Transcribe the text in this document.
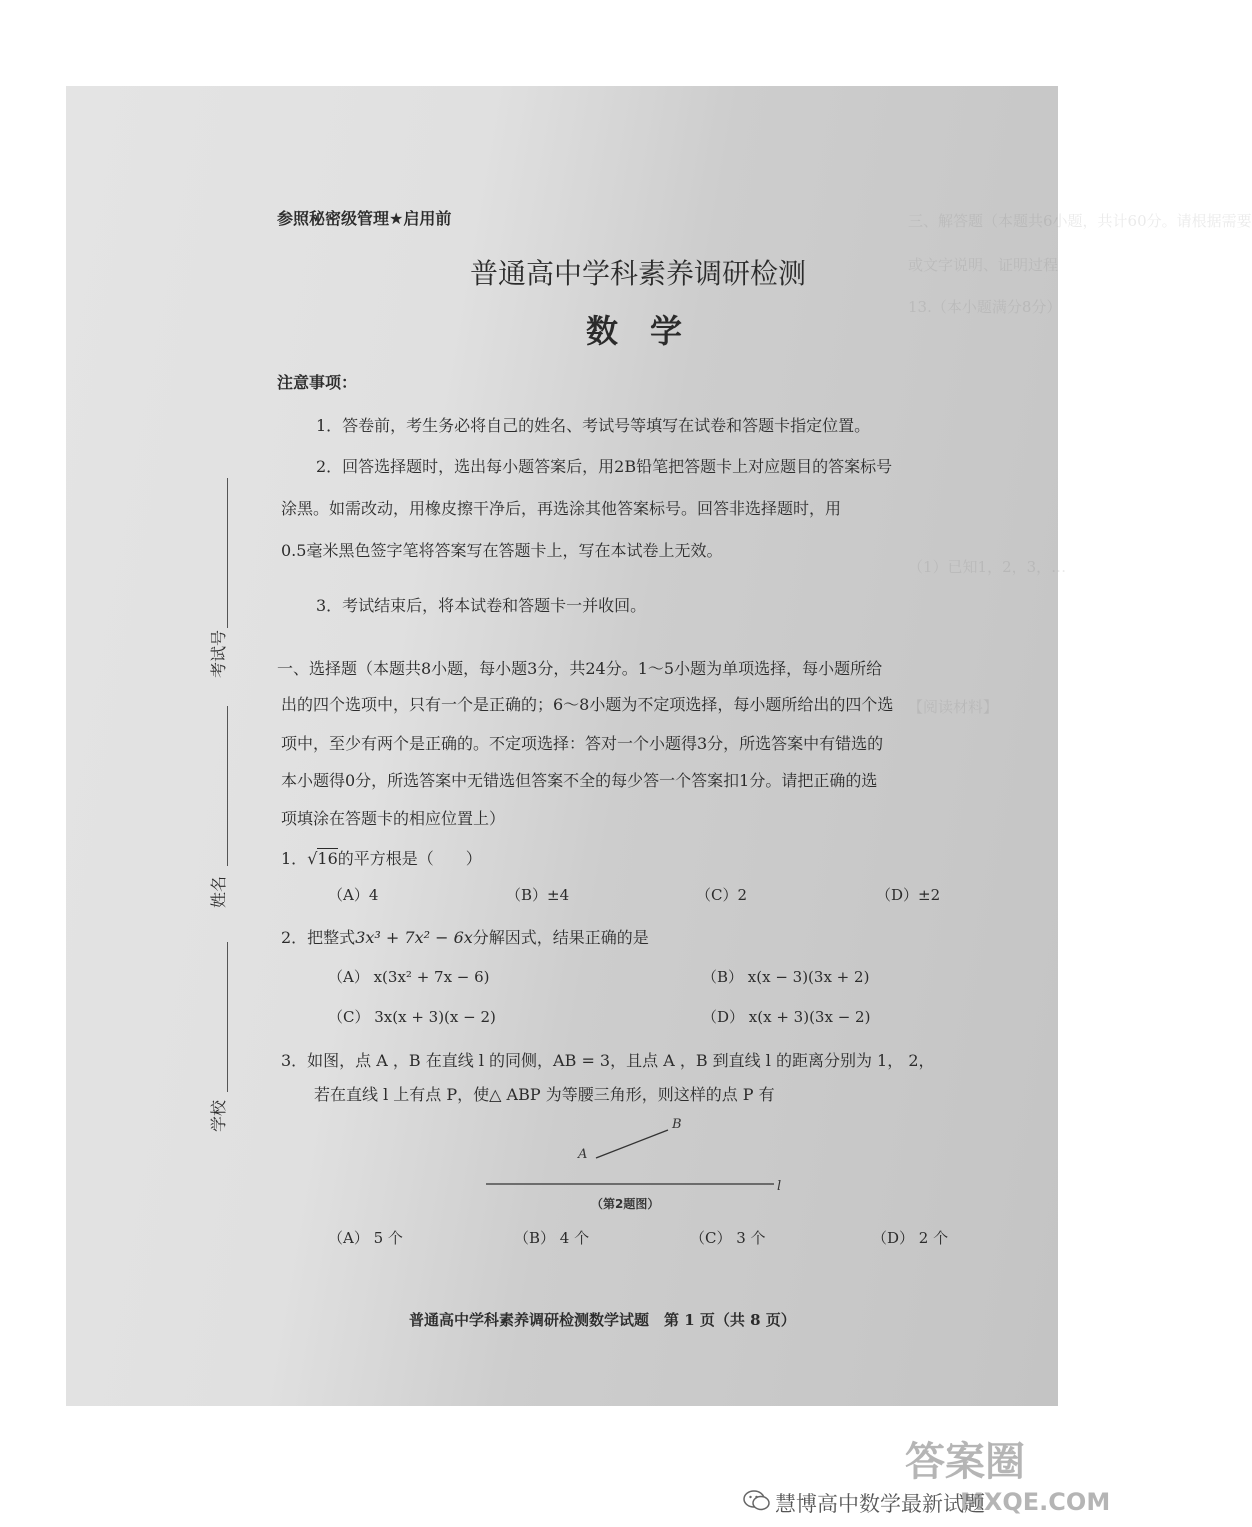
三、解答题（本题共6小题，共计60分。请根据需要
或文字说明、证明过程
13.（本小题满分8分）
（1）已知1，2，3，…
【阅读材料】
考试号
姓名
学校
参照秘密级管理★启用前
普通高中学科素养调研检测
数　学
注意事项：
1．答卷前，考生务必将自己的姓名、考试号等填写在试卷和答题卡指定位置。
2．回答选择题时，选出每小题答案后，用2B铅笔把答题卡上对应题目的答案标号
涂黑。如需改动，用橡皮擦干净后，再选涂其他答案标号。回答非选择题时，用
0.5毫米黑色签字笔将答案写在答题卡上，写在本试卷上无效。
3．考试结束后，将本试卷和答题卡一并收回。
一、选择题（本题共8小题，每小题3分，共24分。1～5小题为单项选择，每小题所给
出的四个选项中，只有一个是正确的；6～8小题为不定项选择，每小题所给出的四个选
项中，至少有两个是正确的。不定项选择：答对一个小题得3分，所选答案中有错选的
本小题得0分，所选答案中无错选但答案不全的每少答一个答案扣1分。请把正确的选
项填涂在答题卡的相应位置上）
1．√16的平方根是（　　）
（A）4	（B）±4	（C）2	（D）±2
2．把整式3x³ + 7x² − 6x分解因式，结果正确的是
（A） x(3x² + 7x − 6)	（B） x(x − 3)(3x + 2)
（C） 3x(x + 3)(x − 2)	（D） x(x + 3)(3x − 2)
3．如图，点 A ，B 在直线 l 的同侧，AB = 3，且点 A ，B 到直线 l 的距离分别为 1， 2，
若在直线 l 上有点 P，使△ ABP 为等腰三角形，则这样的点 P 有
A
B
l
（第2题图）
（A） 5 个	（B） 4 个	（C） 3 个	（D） 2 个
普通高中学科素养调研检测数学试题　第 1 页（共 8 页）
慧博高中数学最新试题
答案圈
MXQE.COM
